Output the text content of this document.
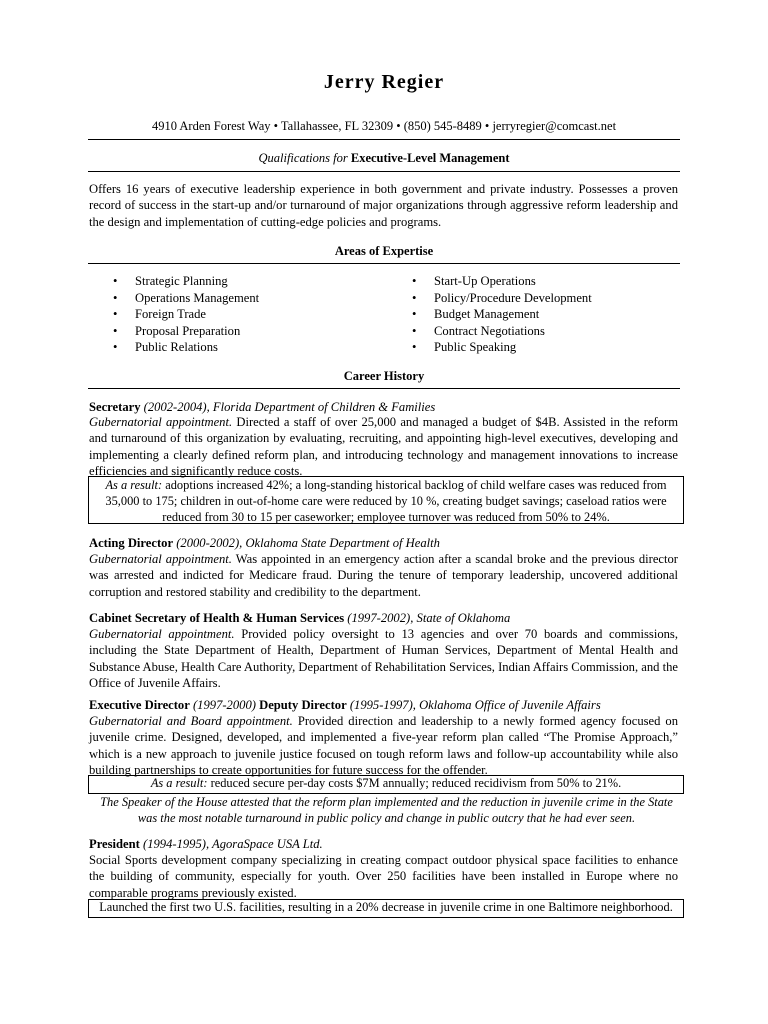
Jerry Regier
4910 Arden Forest Way • Tallahassee, FL 32309 • (850) 545-8489 • jerryregier@comcast.net
Qualifications for Executive-Level Management
Offers 16 years of executive leadership experience in both government and private industry. Possesses a proven record of success in the start-up and/or turnaround of major organizations through aggressive reform leadership and the design and implementation of cutting-edge policies and programs.
Areas of Expertise
• Strategic Planning
• Operations Management
• Foreign Trade
• Proposal Preparation
• Public Relations
• Start-Up Operations
• Policy/Procedure Development
• Budget Management
• Contract Negotiations
• Public Speaking
Career History
Secretary (2002-2004), Florida Department of Children & Families
Gubernatorial appointment. Directed a staff of over 25,000 and managed a budget of $4B. Assisted in the reform and turnaround of this organization by evaluating, recruiting, and appointing high-level executives, developing and implementing a clearly defined reform plan, and introducing technology and management innovations to increase efficiencies and significantly reduce costs.
As a result: adoptions increased 42%; a long-standing historical backlog of child welfare cases was reduced from 35,000 to 175; children in out-of-home care were reduced by 10 %, creating budget savings; caseload ratios were reduced from 30 to 15 per caseworker; employee turnover was reduced from 50% to 24%.
Acting Director (2000-2002), Oklahoma State Department of Health
Gubernatorial appointment. Was appointed in an emergency action after a scandal broke and the previous director was arrested and indicted for Medicare fraud. During the tenure of temporary leadership, uncovered additional corruption and restored stability and credibility to the department.
Cabinet Secretary of Health & Human Services (1997-2002), State of Oklahoma
Gubernatorial appointment. Provided policy oversight to 13 agencies and over 70 boards and commissions, including the State Department of Health, Department of Human Services, Department of Mental Health and Substance Abuse, Health Care Authority, Department of Rehabilitation Services, Indian Affairs Commission, and the Office of Juvenile Affairs.
Executive Director (1997-2000) Deputy Director (1995-1997), Oklahoma Office of Juvenile Affairs
Gubernatorial and Board appointment. Provided direction and leadership to a newly formed agency focused on juvenile crime. Designed, developed, and implemented a five-year reform plan called “The Promise Approach,” which is a new approach to juvenile justice focused on tough reform laws and follow-up accountability while also building partnerships to create opportunities for future success for the offender.
As a result: reduced secure per-day costs $7M annually; reduced recidivism from 50% to 21%.
The Speaker of the House attested that the reform plan implemented and the reduction in juvenile crime in the State was the most notable turnaround in public policy and change in public outcry that he had ever seen.
President (1994-1995), AgoraSpace USA Ltd.
Social Sports development company specializing in creating compact outdoor physical space facilities to enhance the building of community, especially for youth. Over 250 facilities have been installed in Europe where no comparable programs previously existed.
Launched the first two U.S. facilities, resulting in a 20% decrease in juvenile crime in one Baltimore neighborhood.
